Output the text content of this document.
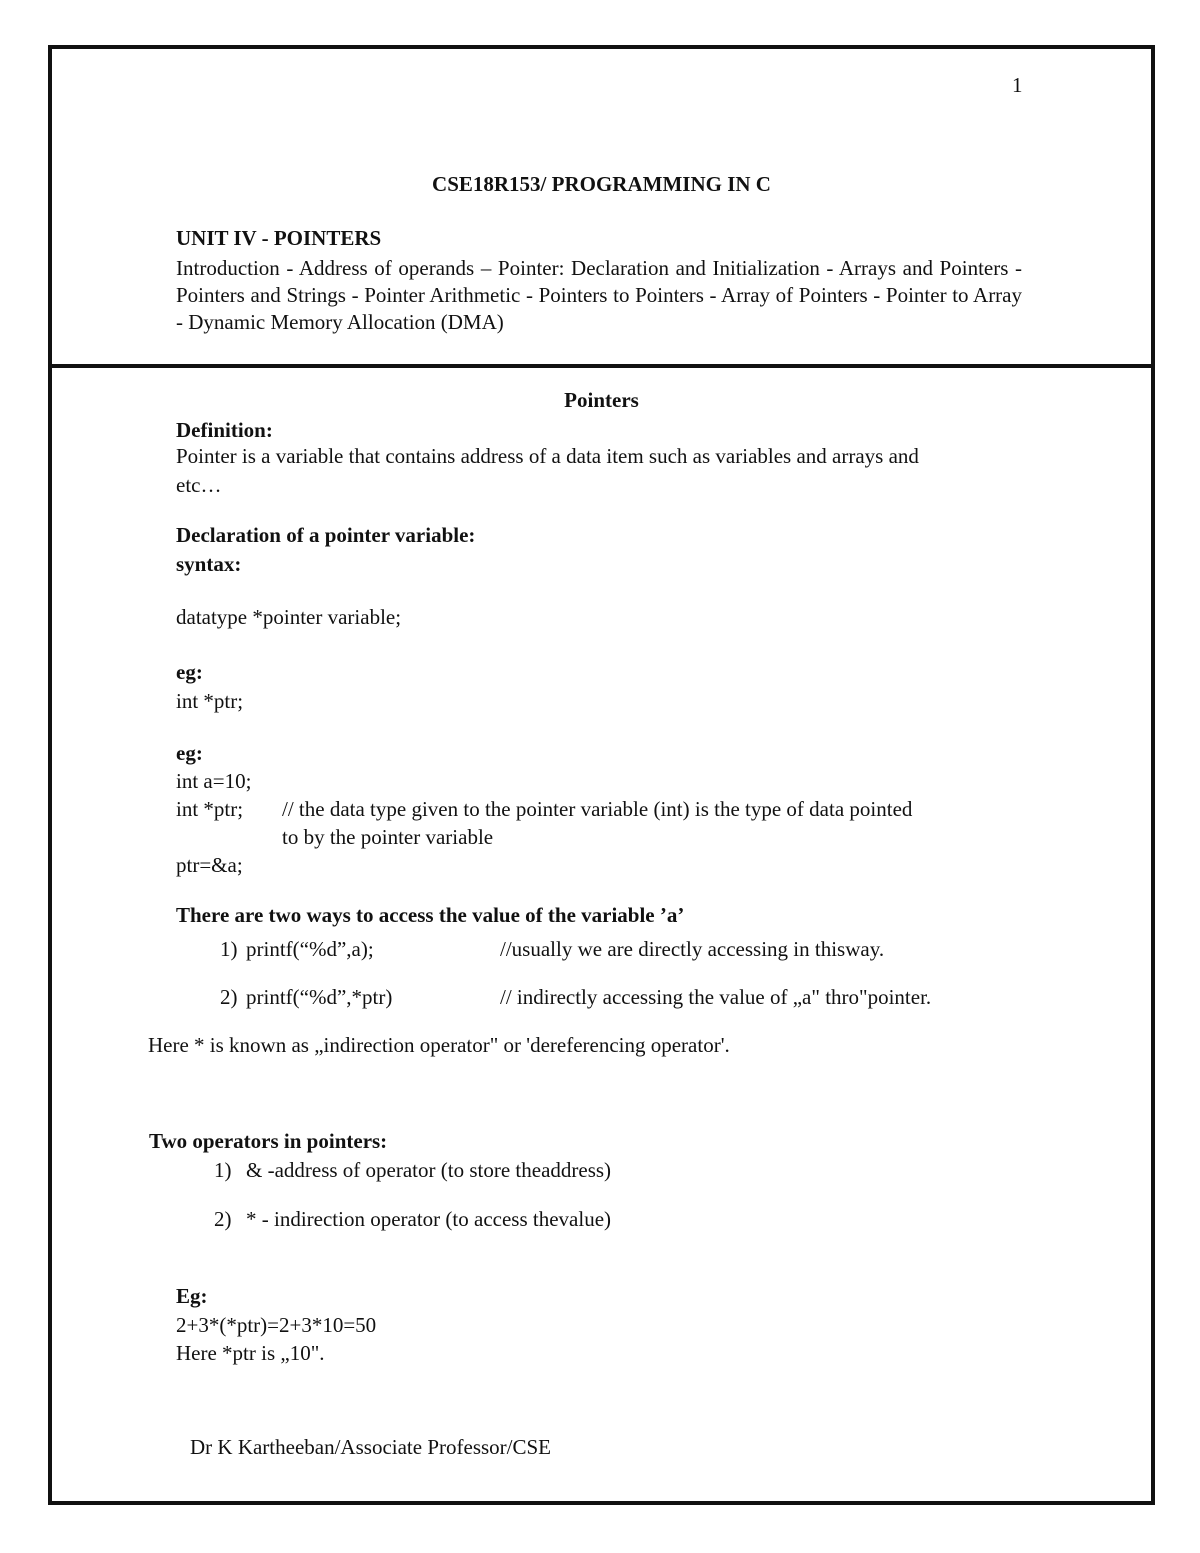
1
CSE18R153/ PROGRAMMING IN C
UNIT IV - POINTERS
Introduction - Address of operands – Pointer: Declaration and Initialization - Arrays and Pointers - Pointers and Strings - Pointer Arithmetic - Pointers to Pointers - Array of Pointers - Pointer to Array - Dynamic Memory Allocation (DMA)
Pointers
Definition:
Pointer is a variable that contains address of a data item such as variables and arrays and
etc…
Declaration of a pointer variable:
syntax:
datatype *pointer variable;
eg:
int *ptr;
eg:
int a=10;
int *ptr; // the data type given to the pointer variable (int) is the type of data pointed
to by the pointer variable
ptr=&a;
There are two ways to access the value of the variable ’a’
1) printf(“%d”,a);	//usually we are directly accessing in thisway.
2) printf(“%d”,*ptr)	// indirectly accessing the value of „a" thro"pointer.
Here * is known as „indirection operator" or 'dereferencing operator'.
Two operators in pointers:
1) & -address of operator (to store theaddress)
2) * - indirection operator (to access thevalue)
Eg:
2+3*(*ptr)=2+3*10=50
Here *ptr is „10".
Dr K Kartheeban/Associate Professor/CSE
